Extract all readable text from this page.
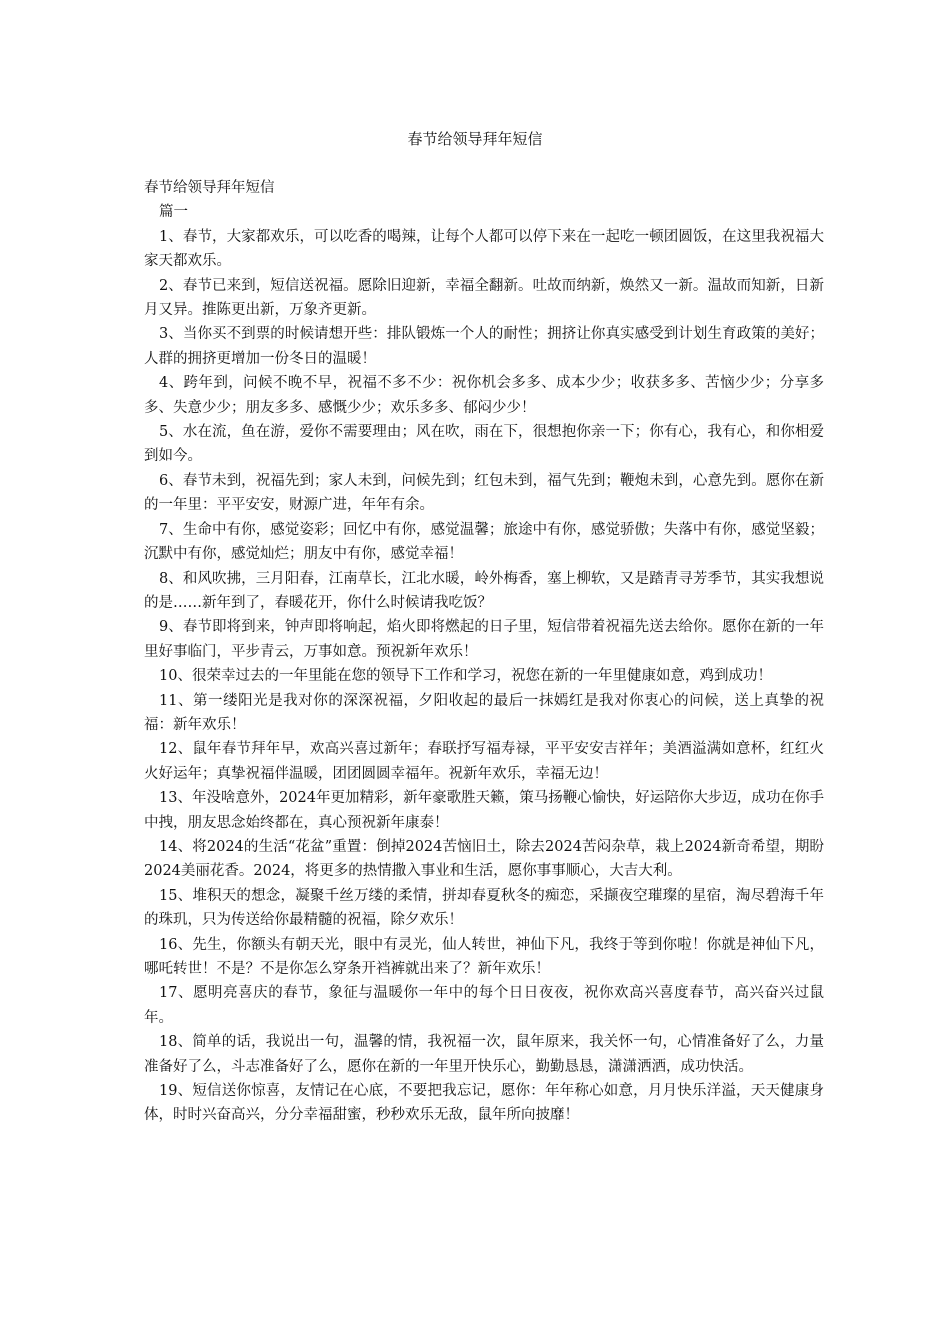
春节给领导拜年短信

春节给领导拜年短信

篇一

1、春节，大家都欢乐，可以吃香的喝辣，让每个人都可以停下来在一起吃一顿团圆饭，在这里我祝福大家天都欢乐。
2、春节已来到，短信送祝福。愿除旧迎新，幸福全翻新。吐故而纳新，焕然又一新。温故而知新，日新月又异。推陈更出新，万象齐更新。
3、当你买不到票的时候请想开些：排队锻炼一个人的耐性；拥挤让你真实感受到计划生育政策的美好；人群的拥挤更增加一份冬日的温暖！
4、跨年到，问候不晚不早，祝福不多不少：祝你机会多多、成本少少；收获多多、苦恼少少；分享多多、失意少少；朋友多多、感慨少少；欢乐多多、郁闷少少！
5、水在流，鱼在游，爱你不需要理由；风在吹，雨在下，很想抱你亲一下；你有心，我有心，和你相爱到如今。
6、春节未到，祝福先到；家人未到，问候先到；红包未到，福气先到；鞭炮未到，心意先到。愿你在新的一年里：平平安安，财源广进，年年有余。
7、生命中有你，感觉姿彩；回忆中有你，感觉温馨；旅途中有你，感觉骄傲；失落中有你，感觉坚毅；沉默中有你，感觉灿烂；朋友中有你，感觉幸福！
8、和风吹拂，三月阳春，江南草长，江北水暖，岭外梅香，塞上柳软，又是踏青寻芳季节，其实我想说的是……新年到了，春暖花开，你什么时候请我吃饭？
9、春节即将到来，钟声即将响起，焰火即将燃起的日子里，短信带着祝福先送去给你。愿你在新的一年里好事临门，平步青云，万事如意。预祝新年欢乐！
10、很荣幸过去的一年里能在您的领导下工作和学习，祝您在新的一年里健康如意，鸡到成功！
11、第一缕阳光是我对你的深深祝福，夕阳收起的最后一抹嫣红是我对你衷心的问候，送上真挚的祝福：新年欢乐！
12、鼠年春节拜年早，欢高兴喜过新年；春联抒写福寿禄，平平安安吉祥年；美酒溢满如意杯，红红火火好运年；真挚祝福伴温暖，团团圆圆幸福年。祝新年欢乐，幸福无边！
13、年没啥意外，2024年更加精彩，新年豪歌胜天籁，策马扬鞭心愉快，好运陪你大步迈，成功在你手中拽，朋友思念始终都在，真心预祝新年康泰！
14、将2024的生活“花盆”重置：倒掉2024苦恼旧土，除去2024苦闷杂草，栽上2024新奇希望，期盼2024美丽花香。2024，将更多的热情撒入事业和生活，愿你事事顺心，大吉大利。
15、堆积天的想念，凝聚千丝万缕的柔情，拼却春夏秋冬的痴恋，采撷夜空璀璨的星宿，淘尽碧海千年的珠玑，只为传送给你最精髓的祝福，除夕欢乐！
16、先生，你额头有朝天光，眼中有灵光，仙人转世，神仙下凡，我终于等到你啦！你就是神仙下凡，哪吒转世！不是？不是你怎么穿条开裆裤就出来了？新年欢乐！
17、愿明亮喜庆的春节，象征与温暖你一年中的每个日日夜夜，祝你欢高兴喜度春节，高兴奋兴过鼠年。
18、简单的话，我说出一句，温馨的情，我祝福一次，鼠年原来，我关怀一句，心情准备好了么，力量准备好了么，斗志准备好了么，愿你在新的一年里开快乐心，勤勤恳恳，潇潇洒洒，成功快活。
19、短信送你惊喜，友情记在心底，不要把我忘记，愿你：年年称心如意，月月快乐洋溢，天天健康身体，时时兴奋高兴，分分幸福甜蜜，秒秒欢乐无敌，鼠年所向披靡！
